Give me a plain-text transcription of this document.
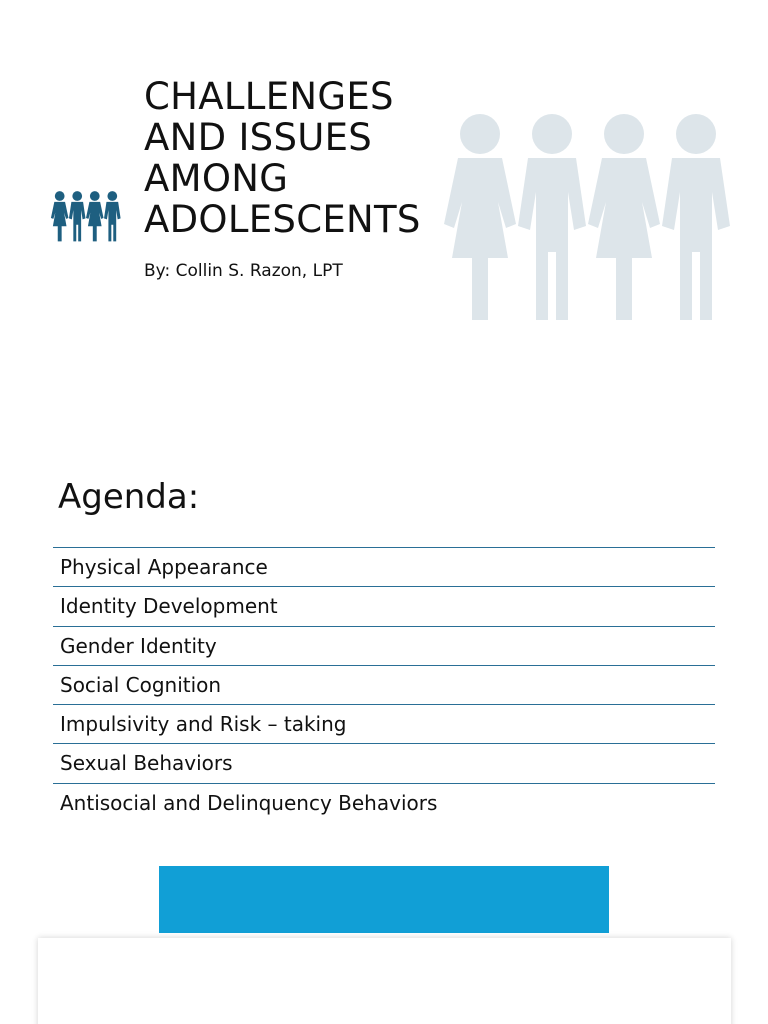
CHALLENGES
AND ISSUES
AMONG
ADOLESCENTS

By: Collin S. Razon, LPT

Agenda:
Physical Appearance
Identity Development
Gender Identity
Social Cognition
Impulsivity and Risk – taking
Sexual Behaviors
Antisocial and Delinquency Behaviors
